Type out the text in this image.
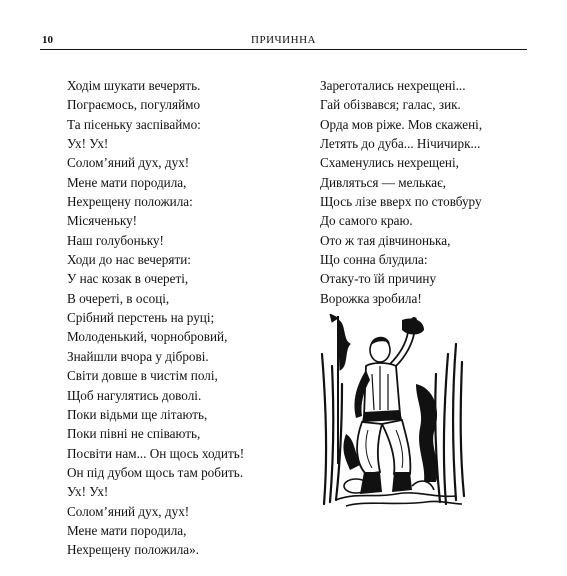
10	ПРИЧИННА
Ходім шукати вечерять.
Пограємось, погуляймо
Та пісеньку заспіваймо:
Ух! Ух!
Солом’яний дух, дух!
Мене мати породила,
Нехрещену положила:
Місяченьку!
Наш голубоньку!
Ходи до нас вечеряти:
У нас козак в очереті,
В очереті, в осоці,
Срібний перстень на руці;
Молоденький, чорнобровий,
Знайшли вчора у діброві.
Світи довше в чистім полі,
Щоб нагулятись доволі.
Поки відьми ще літають,
Поки півні не співають,
Посвіти нам... Он щось ходить!
Он під дубом щось там робить.
Ух! Ух!
Солом’яний дух, дух!
Мене мати породила,
Нехрещену положила».
Зареготались нехрещені...
Гай обізвався; галас, зик.
Орда мов ріже. Мов скажені,
Летять до дуба... Нічичирк...
Схаменулись нехрещені,
Дивляться — мелькає,
Щось лізе вверх по стовбуру
До самого краю.
Ото ж тая дівчинонька,
Що сонна блудила:
Отаку-то їй причину
Ворожка зробила!
